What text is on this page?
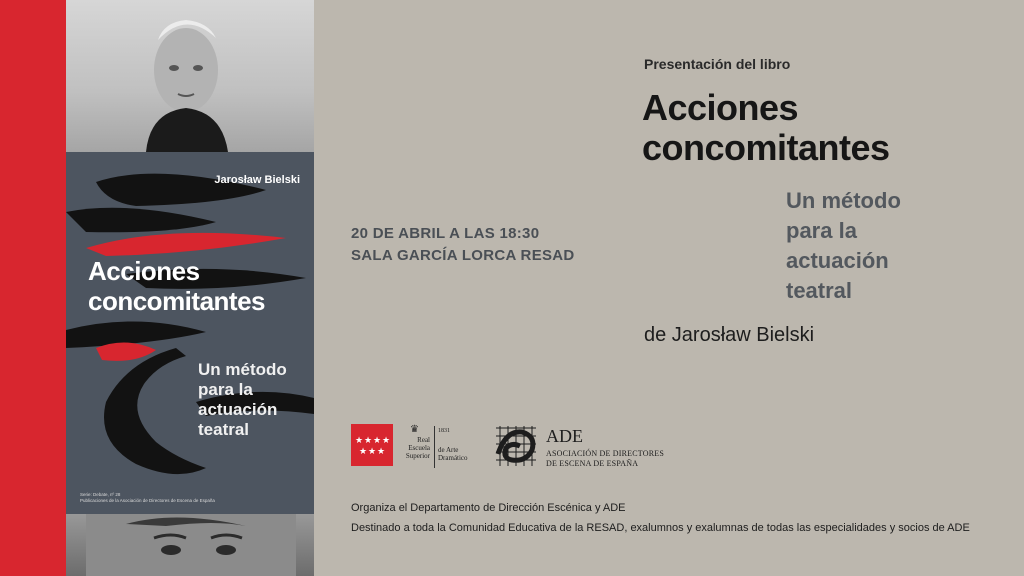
Jarosław Bielski
Acciones
concomitantes
Un método
para la
actuación
teatral
Serie: Debate, nº 28
Publicaciones de la Asociación de Directores de Escena de España
Presentación del libro
Acciones
concomitantes
Un método
para la
actuación
teatral
de Jarosław Bielski
20 DE ABRIL A LAS 18:30
SALA GARCÍA LORCA RESAD
★ ★ ★ ★
★ ★ ★
♛
Real Escuela Superior
1831
de Arte Dramático
ADE
ASOCIACIÓN DE DIRECTORES
DE ESCENA DE ESPAÑA
Organiza el Departamento de Dirección Escénica y ADE
Destinado a toda la Comunidad Educativa de la RESAD, exalumnos y exalumnas de todas las especialidades y socios de ADE
